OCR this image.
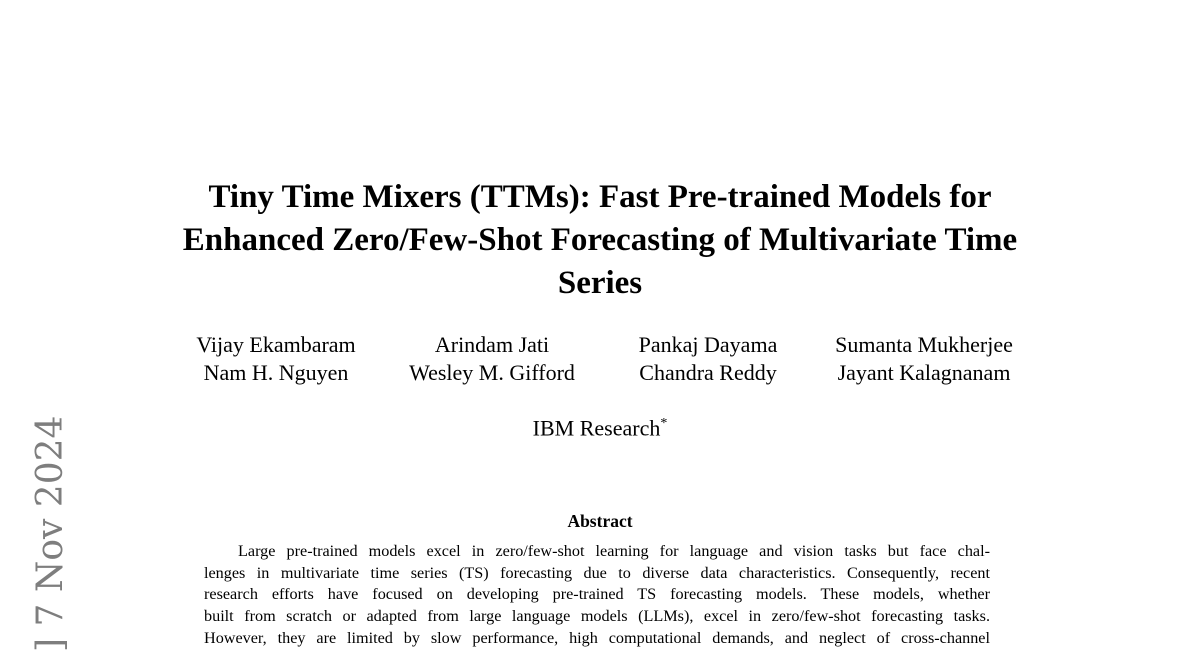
] 7 Nov 2024
Tiny Time Mixers (TTMs): Fast Pre-trained Models for
Enhanced Zero/Few-Shot Forecasting of Multivariate Time
Series
Vijay Ekambaram	Arindam Jati	Pankaj Dayama	Sumanta Mukherjee
Nam H. Nguyen	Wesley M. Gifford	Chandra Reddy	Jayant Kalagnanam
IBM Research*
Abstract
Large pre-trained models excel in zero/few-shot learning for language and vision tasks but face chal-
lenges in multivariate time series (TS) forecasting due to diverse data characteristics. Consequently, recent
research efforts have focused on developing pre-trained TS forecasting models. These models, whether
built from scratch or adapted from large language models (LLMs), excel in zero/few-shot forecasting tasks.
However, they are limited by slow performance, high computational demands, and neglect of cross-channel
